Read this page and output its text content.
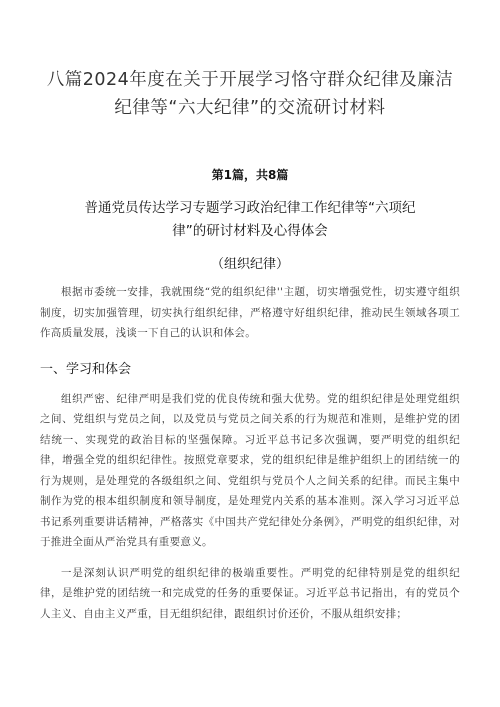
八篇2024年度在关于开展学习恪守群众纪律及廉洁
纪律等“六大纪律”的交流研讨材料
第1篇，共8篇
普通党员传达学习专题学习政治纪律工作纪律等“六项纪
律”的研讨材料及心得体会
（组织纪律）

根据市委统一安排，我就围绕“党的组织纪律''主题，切实增强党性，切实遵守组织制度，切实加强管理，切实执行组织纪律，严格遵守好组织纪律，推动民生领域各项工作高质量发展，浅谈一下自己的认识和体会。

一、学习和体会

组织严密、纪律严明是我们党的优良传统和强大优势。党的组织纪律是处理党组织之间、党组织与党员之间，以及党员与党员之间关系的行为规范和准则，是维护党的团结统一、实现党的政治目标的坚强保障。习近平总书记多次强调，要严明党的组织纪律，增强全党的组织纪律性。按照党章要求，党的组织纪律是维护组织上的团结统一的行为规则，是处理党的各级组织之间、党组织与党员个人之间关系的纪律。而民主集中制作为党的根本组织制度和领导制度，是处理党内关系的基本准则。深入学习习近平总书记系列重要讲话精神，严格落实《中国共产党纪律处分条例》，严明党的组织纪律，对于推进全面从严治党具有重要意义。

一是深刻认识严明党的组织纪律的极端重要性。严明党的纪律特别是党的组织纪律，是维护党的团结统一和完成党的任务的重要保证。习近平总书记指出，有的党员个人主义、自由主义严重，目无组织纪律，跟组织讨价还价，不服从组织安排；
